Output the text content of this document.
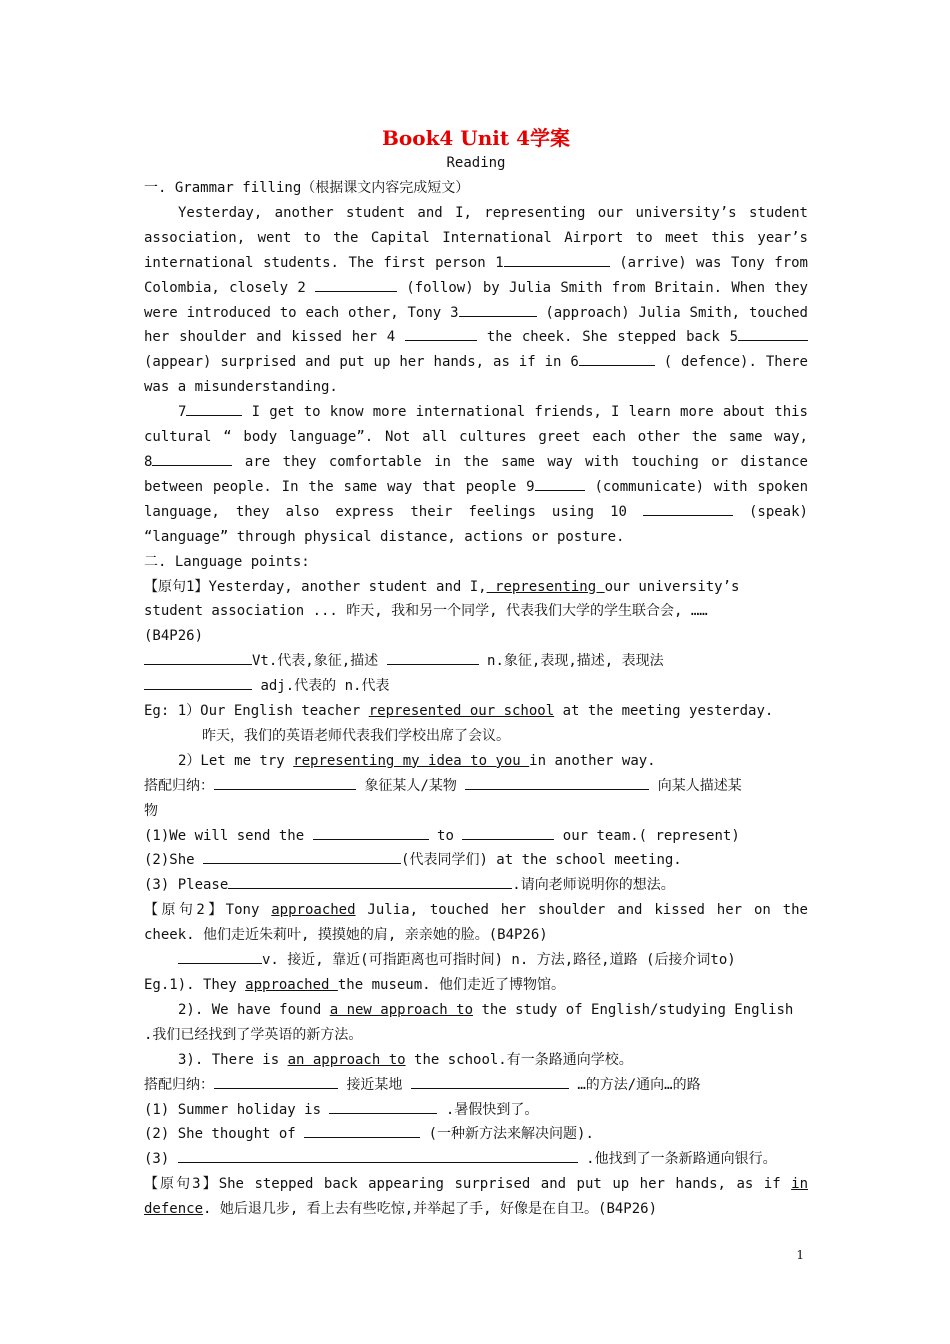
Book4 Unit 4学案
Reading
一. Grammar filling（根据课文内容完成短文）
Yesterday, another student and I, representing our university’s student
association, went to the Capital International Airport to meet this year’s
international students. The first person 1	(arrive) was Tony from
Colombia, closely 2	(follow) by Julia Smith from Britain. When they
were introduced to each other, Tony 3	(approach) Julia Smith, touched
her shoulder and kissed her 4	the cheek. She stepped back 5
(appear) surprised and put up her hands, as if in 6	( defence). There
was a misunderstanding.
7	I get to know more international friends, I learn more about this
cultural “ body language”. Not all cultures greet each other the same way,
8	are they comfortable in the same way with touching or distance
between people. In the same way that people 9	(communicate) with spoken
language, they also express their feelings using 10	(speak)
“language” through physical distance, actions or posture.
二. Language points:
【原句1】Yesterday, another student and I, representing our university’s
student association ... 昨天, 我和另一个同学, 代表我们大学的学生联合会, ……
(B4P26)
Vt.代表,象征,描述	n.象征,表现,描述, 表现法
adj.代表的 n.代表
Eg: 1）Our English teacher represented our school at the meeting yesterday.
昨天，我们的英语老师代表我们学校出席了会议。
2）Let me try representing my idea to you in another way.
搭配归纳：	象征某人/某物	向某人描述某
物
(1)We will send the	to	our team.( represent)
(2)She	(代表同学们) at the school meeting.
(3) Please	.请向老师说明你的想法。
【原句2】Tony approached Julia, touched her shoulder and kissed her on the
cheek. 他们走近朱莉叶, 摸摸她的肩, 亲亲她的脸。(B4P26)
v. 接近, 靠近(可指距离也可指时间) n. 方法,路径,道路 (后接介词to)
Eg.1). They approached the museum. 他们走近了博物馆。
2). We have found a new approach to the study of English/studying English
.我们已经找到了学英语的新方法。
3). There is an approach to the school.有一条路通向学校。
搭配归纳：	接近某地	…的方法/通向…的路
(1) Summer holiday is	.暑假快到了。
(2) She thought of	(一种新方法来解决问题).
(3)	.他找到了一条新路通向银行。
【原句3】She stepped back appearing surprised and put up her hands, as if in
defence. 她后退几步, 看上去有些吃惊,并举起了手, 好像是在自卫。(B4P26)
1
